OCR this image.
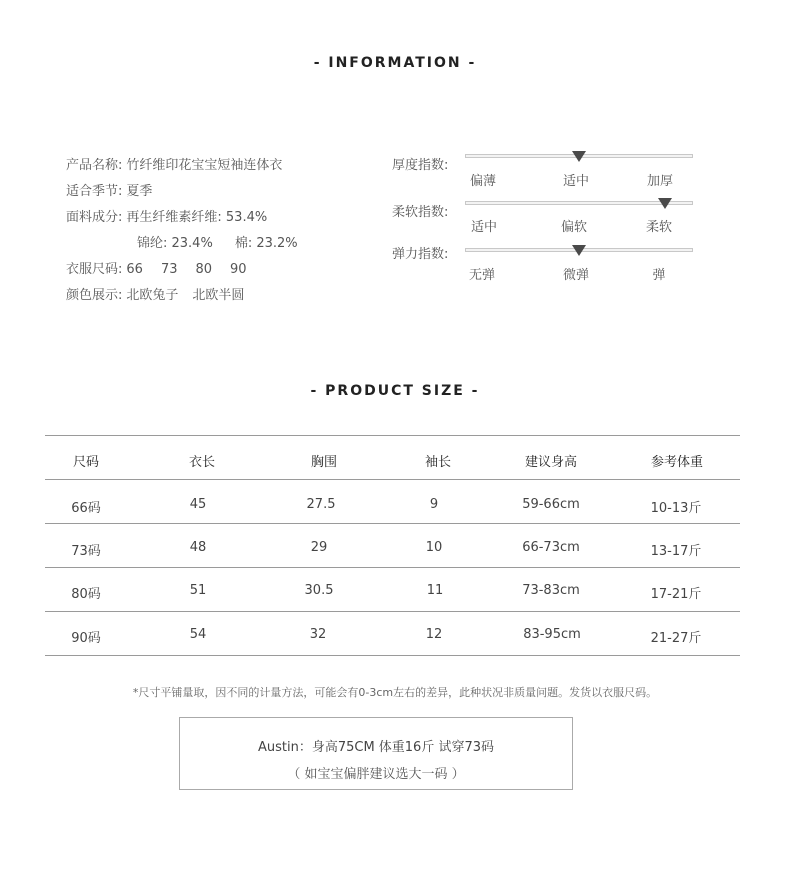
- INFORMATION -
产品名称: 竹纤维印花宝宝短袖连体衣
适合季节: 夏季
面料成分: 再生纤维素纤维: 53.4%
锦纶: 23.4% 棉: 23.2%
衣服尺码: 66 73 80 90
颜色展示: 北欧兔子 北欧半圆
厚度指数:
偏薄	适中	加厚
柔软指数:
适中	偏软	柔软
弹力指数:
无弹	微弹	弹
- PRODUCT SIZE -
尺码	衣长	胸围	袖长	建议身高	参考体重
66码	45	27.5	9	59-66cm	10-13斤
73码	48	29	10	66-73cm	13-17斤
80码	51	30.5	11	73-83cm	17-21斤
90码	54	32	12	83-95cm	21-27斤
*尺寸平铺量取，因不同的计量方法，可能会有0-3cm左右的差异，此种状况非质量问题。发货以衣服尺码。
Austin：身高75CM 体重16斤 试穿73码
（ 如宝宝偏胖建议选大一码 ）
